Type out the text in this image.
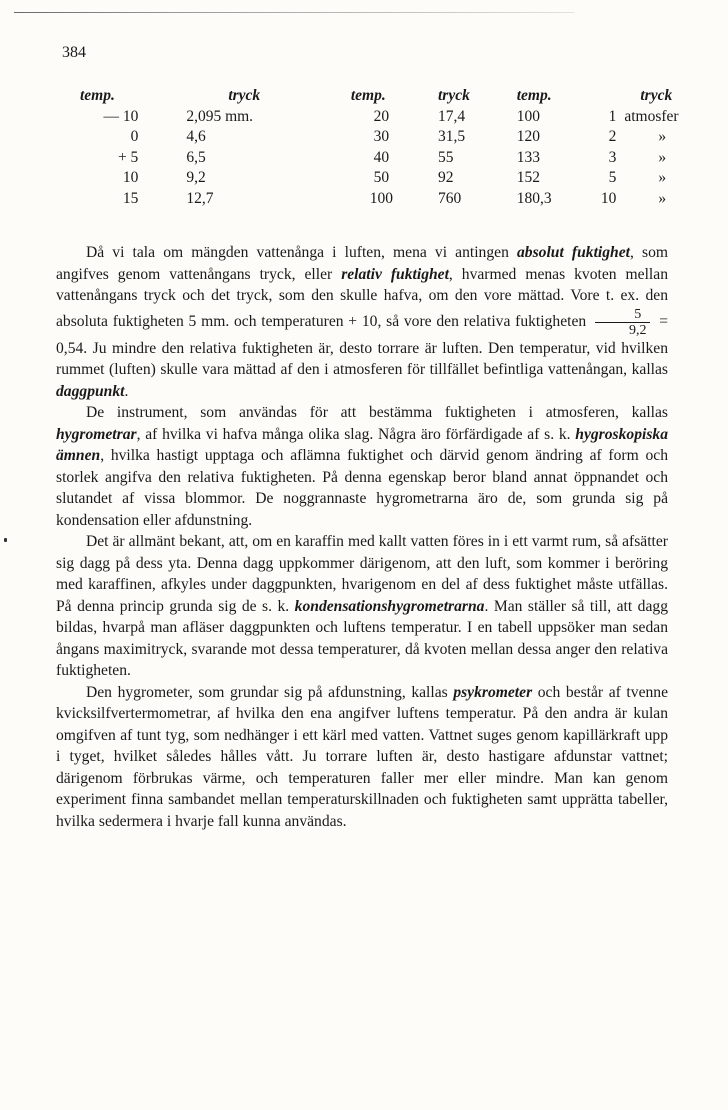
384
temp.	tryck	temp.	tryck	temp.		tryck
— 10	2,095 mm.	20	17,4	100	1	atmosfer
0	4,6	30	31,5	120	2	»
+ 5	6,5	40	55	133	3	»
10	9,2	50	92	152	5	»
15	12,7	100	760	180,3	10	»

Då vi tala om mängden vattenånga i luften, mena vi antingen absolut fuktighet, som angifves genom vattenångans tryck, eller relativ fuktighet, hvarmed menas kvoten mellan vattenångans tryck och det tryck, som den skulle hafva, om den vore mättad. Vore t. ex. den absoluta fuktigheten 5 mm. och temperaturen + 10, så vore den relativa fuktigheten $\frac{5}{9,2} = 0,54$. Ju mindre den relativa fuktigheten är, desto torrare är luften. Den temperatur, vid hvilken rummet (luften) skulle vara mättad af den i atmosferen för tillfället befintliga vattenångan, kallas daggpunkt.

De instrument, som användas för att bestämma fuktigheten i atmosferen, kallas hygrometrar, af hvilka vi hafva många olika slag. Några äro förfärdigade af s. k. hygroskopiska ämnen, hvilka hastigt upptaga och aflämna fuktighet och därvid genom ändring af form och storlek angifva den relativa fuktigheten. På denna egenskap beror bland annat öppnandet och slutandet af vissa blommor. De noggrannaste hygrometrarna äro de, som grunda sig på kondensation eller afdunstning.

Det är allmänt bekant, att, om en karaffin med kallt vatten föres in i ett varmt rum, så afsätter sig dagg på dess yta. Denna dagg uppkommer därigenom, att den luft, som kommer i beröring med karaffinen, afkyles under daggpunkten, hvarigenom en del af dess fuktighet måste utfällas. På denna princip grunda sig de s. k. kondensationshygrometrarna. Man ställer så till, att dagg bildas, hvarpå man afläser daggpunkten och luftens temperatur. I en tabell uppsöker man sedan ångans maximitryck, svarande mot dessa temperaturer, då kvoten mellan dessa anger den relativa fuktigheten.

Den hygrometer, som grundar sig på afdunstning, kallas psykrometer och består af tvenne kvicksilfvertermometrar, af hvilka den ena angifver luftens temperatur. På den andra är kulan omgifven af tunt tyg, som nedhänger i ett kärl med vatten. Vattnet suges genom kapillärkraft upp i tyget, hvilket således hålles vått. Ju torrare luften är, desto hastigare afdunstar vattnet; därigenom förbrukas värme, och temperaturen faller mer eller mindre. Man kan genom experiment finna sambandet mellan temperaturskillnaden och fuktigheten samt upprätta tabeller, hvilka sedermera i hvarje fall kunna användas.
